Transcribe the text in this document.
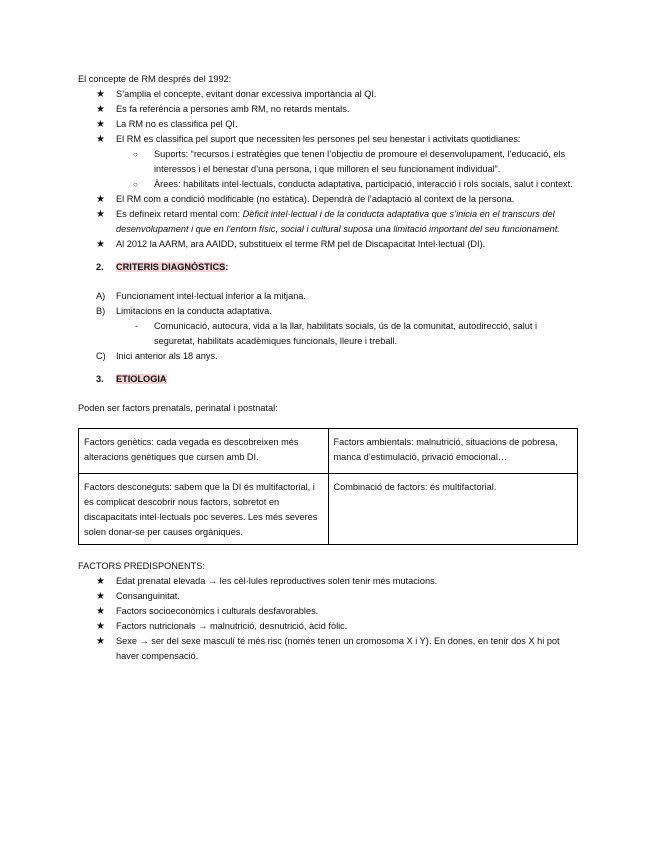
El concepte de RM després del 1992:

★ S’amplia el concepte, evitant donar excessiva importància al QI.
★ Es fa referència a persones amb RM, no retards mentals.
★ La RM no es classifica pel QI.
★ El RM es classifica pel suport que necessiten les persones pel seu benestar i activitats quotidianes:
○ Suports: “recursos i estratègies que tenen l’objectiu de promoure el desenvolupament, l’educació, els interessos i el benestar d’una persona, i que milloren el seu funcionament individual”.
○ Àrees: habilitats intel·lectuals, conducta adaptativa, participació, interacció i rols socials, salut i context.
★ El RM com a condició modificable (no estàtica). Dependrà de l’adaptació al context de la persona.
★ Es defineix retard mental com: Dèficit intel·lectual i de la conducta adaptativa que s’inicia en el transcurs del desenvolupament i que en l’entorn físic, social i cultural suposa una limitació important del seu funcionament.
★ Al 2012 la AARM, ara AAIDD, substitueix el terme RM pel de Discapacitat Intel·lectual (DI).
2. CRITERIS DIAGNÒSTICS:
A) Funcionament intel·lectual inferior a la mitjana.
B) Limitacions en la conducta adaptativa.
- Comunicació, autocura, vida a la llar, habilitats socials, ús de la comunitat, autodirecció, salut i seguretat, habilitats acadèmiques funcionals, lleure i treball.
C) Inici anterior als 18 anys.
3. ETIOLOGIA

Poden ser factors prenatals, perinatal i postnatal:

Factors genètics: cada vegada es descobreixen més alteracions genètiques que cursen amb DI.	Factors ambientals: malnutrició, situacions de pobresa, manca d’estimulació, privació emocional…
Factors desconeguts: sabem que la DI és multifactorial, i és complicat descobrir nous factors, sobretot en discapacitats intel·lectuals poc severes. Les més severes solen donar-se per causes orgàniques.	Combinació de factors: és multifactorial.

FACTORS PREDISPONENTS:

★ Edat prenatal elevada → les cèl·lules reproductives solen tenir més mutacions.
★ Consanguinitat.
★ Factors socioeconòmics i culturals desfavorables.
★ Factors nutricionals → malnutrició, desnutrició, àcid fòlic.
★ Sexe → ser del sexe masculí té més risc (només tenen un cromosoma X i Y). En dones, en tenir dos X hi pot haver compensació.
